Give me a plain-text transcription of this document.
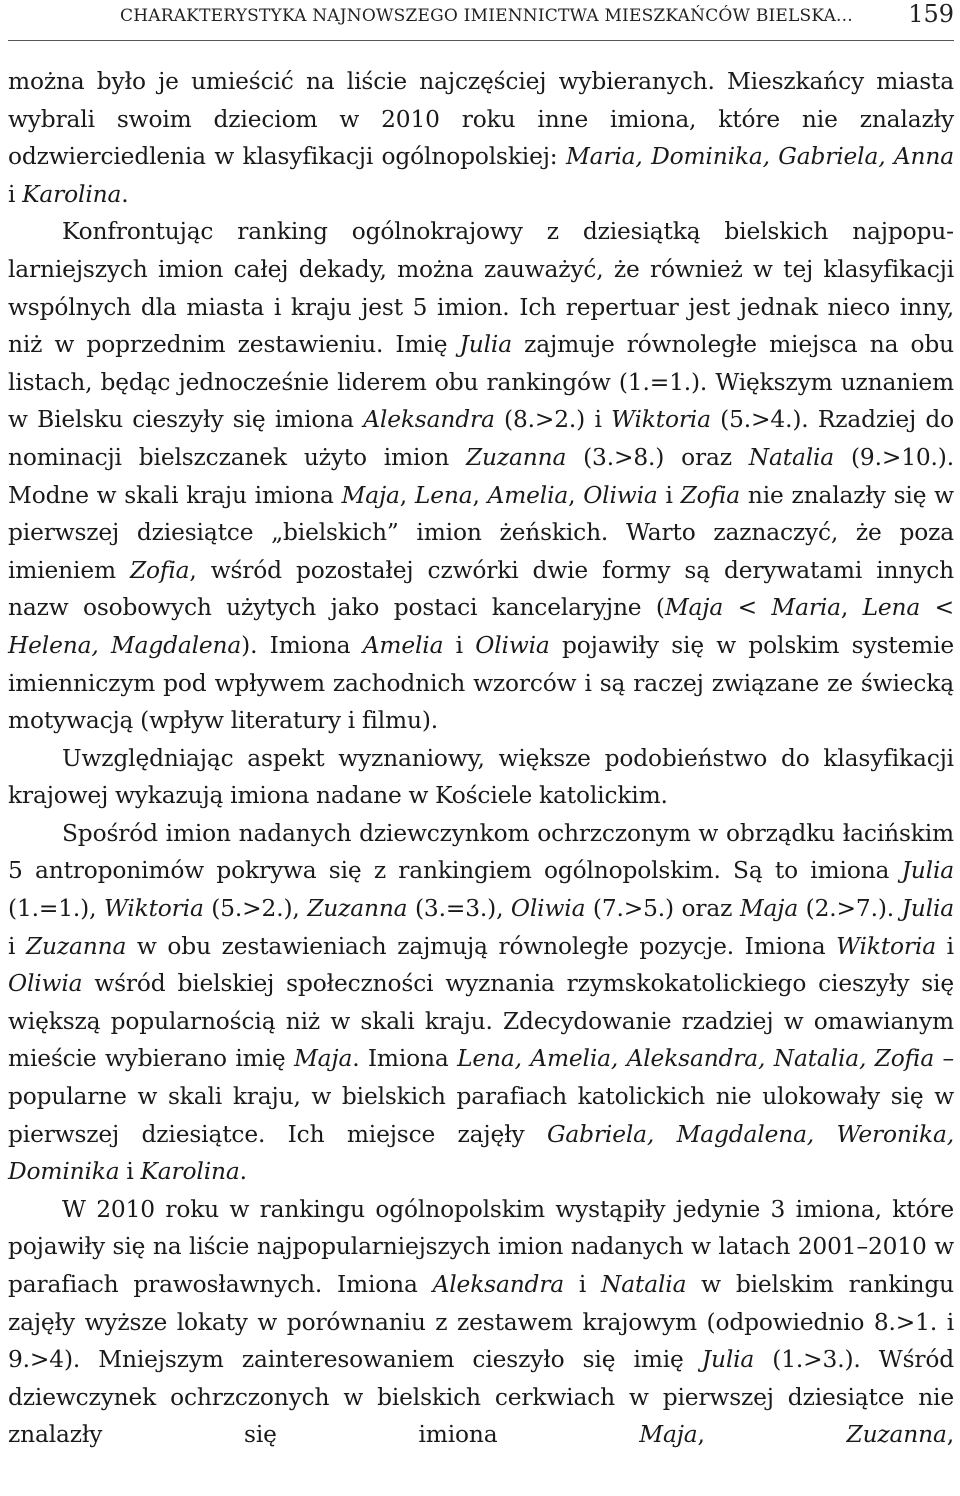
CHARAKTERYSTYKA NAJNOWSZEGO IMIENNICTWA MIESZKAŃCÓW BIELSKA... 159

można było je umieścić na liście najczęściej wybieranych. Mieszkańcy miasta wybrali swoim dzieciom w 2010 roku inne imiona, które nie znalazły odzwierciedlenia w klasyfikacji ogólnopolskiej: Maria, Dominika, Gabriela, Anna i Karolina.

Konfrontując ranking ogólnokrajowy z dziesiątką bielskich najpopularniejszych imion całej dekady, można zauważyć, że również w tej klasyfikacji wspólnych dla miasta i kraju jest 5 imion. Ich repertuar jest jednak nieco inny, niż w poprzednim zestawieniu. Imię Julia zajmuje równoległe miejsca na obu listach, będąc jednocześnie liderem obu rankingów (1.=1.). Większym uznaniem w Bielsku cieszyły się imiona Aleksandra (8.>2.) i Wiktoria (5.>4.). Rzadziej do nominacji bielszczanek użyto imion Zuzanna (3.>8.) oraz Natalia (9.>10.). Modne w skali kraju imiona Maja, Lena, Amelia, Oliwia i Zofia nie znalazły się w pierwszej dziesiątce „bielskich” imion żeńskich. Warto zaznaczyć, że poza imieniem Zofia, wśród pozostałej czwórki dwie formy są derywatami innych nazw osobowych użytych jako postaci kancelaryjne (Maja < Maria, Lena < Helena, Magdalena). Imiona Amelia i Oliwia pojawiły się w polskim systemie imienniczym pod wpływem zachodnich wzorców i są raczej związane ze świecką motywacją (wpływ literatury i filmu).

Uwzględniając aspekt wyznaniowy, większe podobieństwo do klasyfikacji krajowej wykazują imiona nadane w Kościele katolickim.

Spośród imion nadanych dziewczynkom ochrzczonym w obrządku łacińskim 5 antroponimów pokrywa się z rankingiem ogólnopolskim. Są to imiona Julia (1.=1.), Wiktoria (5.>2.), Zuzanna (3.=3.), Oliwia (7.>5.) oraz Maja (2.>7.). Julia i Zuzanna w obu zestawieniach zajmują równoległe pozycje. Imiona Wiktoria i Oliwia wśród bielskiej społeczności wyznania rzymskokatolickiego cieszyły się większą popularnością niż w skali kraju. Zdecydowanie rzadziej w omawianym mieście wybierano imię Maja. Imiona Lena, Amelia, Aleksandra, Natalia, Zofia – popularne w skali kraju, w bielskich parafiach katolickich nie ulokowały się w pierwszej dziesiątce. Ich miejsce zajęły Gabriela, Magdalena, Weronika, Dominika i Karolina.

W 2010 roku w rankingu ogólnopolskim wystąpiły jedynie 3 imiona, które pojawiły się na liście najpopularniejszych imion nadanych w latach 2001–2010 w parafiach prawosławnych. Imiona Aleksandra i Natalia w bielskim rankingu zajęły wyższe lokaty w porównaniu z zestawem krajowym (odpowiednio 8.>1. i 9.>4). Mniejszym zainteresowaniem cieszyło się imię Julia (1.>3.). Wśród dziewczynek ochrzczonych w bielskich cerkwiach w pierwszej dziesiątce nie znalazły się imiona Maja, Zuzanna,
